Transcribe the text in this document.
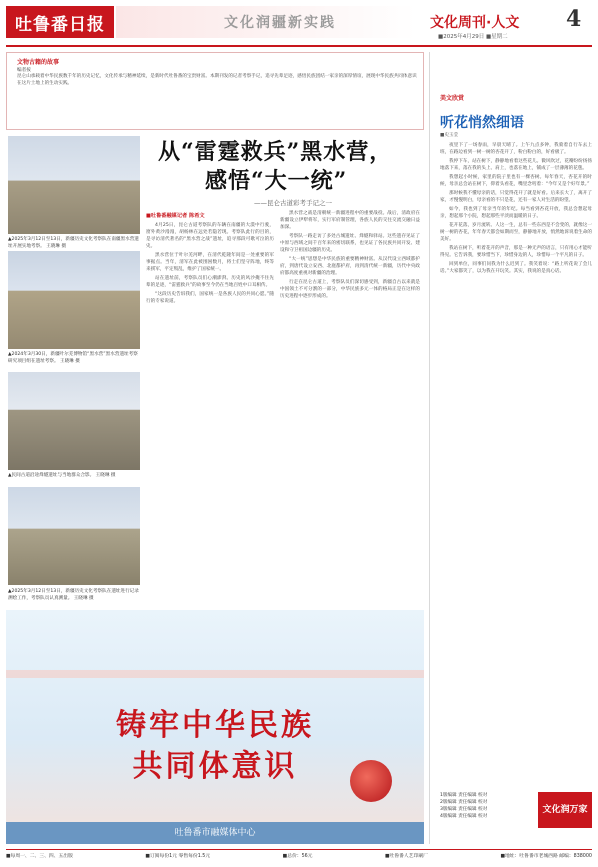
吐鲁番日报	文化润疆新实践	文化周刊·人文 4
■2025年4月29日 ■星期二
文物古籍的故事
编者按
昆仑山承载着中华民族数千年的历史记忆，文化传承与精神延续，是新时代吐鲁番的宝贵财富。本期刊发的记者考察手记，追寻先辈足迹，感悟民族团结一家亲的深厚情谊，展现中华民族共同体意识在这片土地上的生动实践。
从“雷霆救兵”黑水营，
感悟“大一统”
——昆仑古道彩考手记之一
▲2025年3月12日至13日，新疆历史文化考察队在南疆黑水营遗址开展实地考察。 王晓琳 摄
▲2024年3月30日，新疆叶尔羌博物馆“黑水营”黑水营遗址考察研究项目组在遗址考察。 王晓琳 摄
▲民间古道沿途烽燧遗址与当地群众合影。 王晓琳 摄
▲2025年3月12日至13日，新疆历史文化考察队在遗址进行记录测绘工作，考察队员认真测量。 王晓琳 摄
■吐鲁番融媒记者 陈希文

4月25日，昆仑古道考察队的车辆在南疆的大漠中行驶，窗外黄沙漫漫，胡杨林在远处若隐若现。考察队此行的目的，是寻访清代著名的“黑水营之战”遗址，追寻那段可歌可泣的历史。

黑水营位于叶尔羌河畔，在清代乾隆年间是一处重要的军事据点。当年，清军在此被围困数月，将士们坚守阵地，终等来援军，平定叛乱，维护了国家统一。

站在遗址前，考察队员们心潮澎湃。历史的风沙掩不住先辈的足迹，“雷霆救兵”的故事至今仍在当地百姓中口耳相传。

“这段历史告诉我们，国家统一是各族人民的共同心愿。”随行的专家说道。

黑水营之战是清朝统一新疆进程中的重要战役。战后，清政府在新疆设立伊犁将军，实行军府制管理，各族人民的交往交流交融日益加深。

考察队一路走访了多处古城遗址、烽燧和驿站。这些遗存见证了中原与西域之间千百年来的密切联系，也见证了各民族共同开发、建设和守卫祖国边疆的历史。

“大一统”思想是中华民族的重要精神财富。从汉代设立西域都护府，到唐代设立安西、北庭都护府，再到清代统一新疆，历代中央政府都高度重视对新疆的治理。

行走在昆仑古道上，考察队员们深切感受到，新疆自古以来就是中国领土不可分割的一部分，中华民族多元一体的格局正是在这样的历史进程中逐步形成的。

美文欣赏
听花悄然细语
■史玉莹

夜里下了一场春雨，早晨天晴了。上午九点多钟，我骑着自行车去上班，在路边看到一树一树的杏花开了，粉白粉白的，好看极了。

我停下车，站在树下，静静地看着这些花儿。微风吹过，花瓣纷纷扬扬地落下来，落在我的头上、肩上，也落在地上，铺成了一层薄薄的花毯。

我想起小时候，家里的院子里也有一棵杏树。每年春天，杏花开的时候，母亲总会站在树下，仰着头看花，嘴里念叨着：“今年又是个好年景。”

那时候我不懂母亲的话，只觉得花开了就是好看。后来长大了，离开了家，才慢慢明白，母亲看的不只是花，还有一家人对生活的盼望。

如今，我也到了母亲当年的年纪。每当看到杏花开放，我总会想起母亲，想起那个小院，想起那些平淡而温暖的日子。

花开花落，岁月流转。人这一生，总有一些东西是不会变的，就像这一树一树的杏花，年年春天都会如期而至，静静地开放，悄然地诉说着生命的美好。

我站在树下，听着花开的声音，那是一种无声的语言，只有用心才能听得见。它告诉我，要珍惜当下，珍惜身边的人，珍惜每一个平凡的日子。

回到单位，同事们问我为什么迟到了。我笑着说：“路上听花说了会儿话。”大家都笑了，以为我在开玩笑。其实，我说的是真心话。

1版编辑 责任编辑 校对
2版编辑 责任编辑 校对
3版编辑 责任编辑 校对
4版编辑 责任编辑 校对
文化润万家
铸牢中华民族
共同体意识
吐鲁番市融媒体中心
■每周一、二、三、四、五出版	■订阅每份1元 零售每份1.5元	■总价：56元	■吐鲁番人艺印刷厂	■地址：吐鲁番市老城西路 邮编：838000
